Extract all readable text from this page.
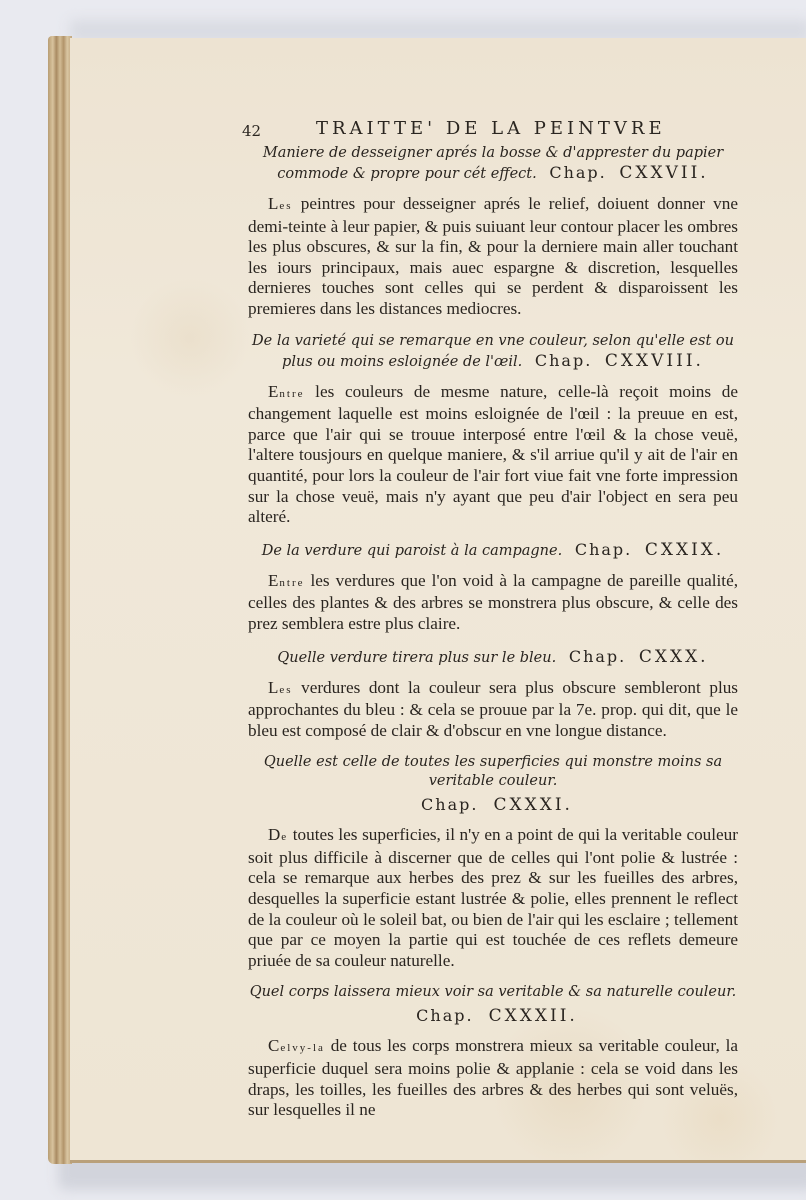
42	TRAITTE' DE LA PEINTVRE

Maniere de desseigner aprés la bosse & d'apprester du papier commode & propre pour cét effect. Chap. CXXVII.

Les peintres pour desseigner aprés le relief, doiuent donner vne demi-teinte à leur papier, & puis suiuant leur contour placer les ombres les plus obscures, & sur la fin, & pour la derniere main aller touchant les iours principaux, mais auec espargne & discretion, lesquelles dernieres touches sont celles qui se perdent & disparoissent les premieres dans les distances mediocres.

De la varieté qui se remarque en vne couleur, selon qu'elle est ou plus ou moins esloignée de l'œil. Chap. CXXVIII.

Entre les couleurs de mesme nature, celle-là reçoit moins de changement laquelle est moins esloignée de l'œil : la preuue en est, parce que l'air qui se trouue interposé entre l'œil & la chose veuë, l'altere tousjours en quelque maniere, & s'il arriue qu'il y ait de l'air en quantité, pour lors la couleur de l'air fort viue fait vne forte impression sur la chose veuë, mais n'y ayant que peu d'air l'object en sera peu alteré.

De la verdure qui paroist à la campagne. Chap. CXXIX.

Entre les verdures que l'on void à la campagne de pareille qualité, celles des plantes & des arbres se monstrera plus obscure, & celle des prez semblera estre plus claire.

Quelle verdure tirera plus sur le bleu. Chap. CXXX.

Les verdures dont la couleur sera plus obscure sembleront plus approchantes du bleu : & cela se prouue par la 7e. prop. qui dit, que le bleu est composé de clair & d'obscur en vne longue distance.

Quelle est celle de toutes les superficies qui monstre moins sa veritable couleur.

Chap. CXXXI.

De toutes les superficies, il n'y en a point de qui la veritable couleur soit plus difficile à discerner que de celles qui l'ont polie & lustrée : cela se remarque aux herbes des prez & sur les fueilles des arbres, desquelles la superficie estant lustrée & polie, elles prennent le reflect de la couleur où le soleil bat, ou bien de l'air qui les esclaire ; tellement que par ce moyen la partie qui est touchée de ces reflets demeure priuée de sa couleur naturelle.

Quel corps laissera mieux voir sa veritable & sa naturelle couleur.

Chap. CXXXII.

Celvy-la de tous les corps monstrera mieux sa veritable couleur, la superficie duquel sera moins polie & applanie : cela se void dans les draps, les toilles, les fueilles des arbres & des herbes qui sont veluës, sur lesquelles il ne
